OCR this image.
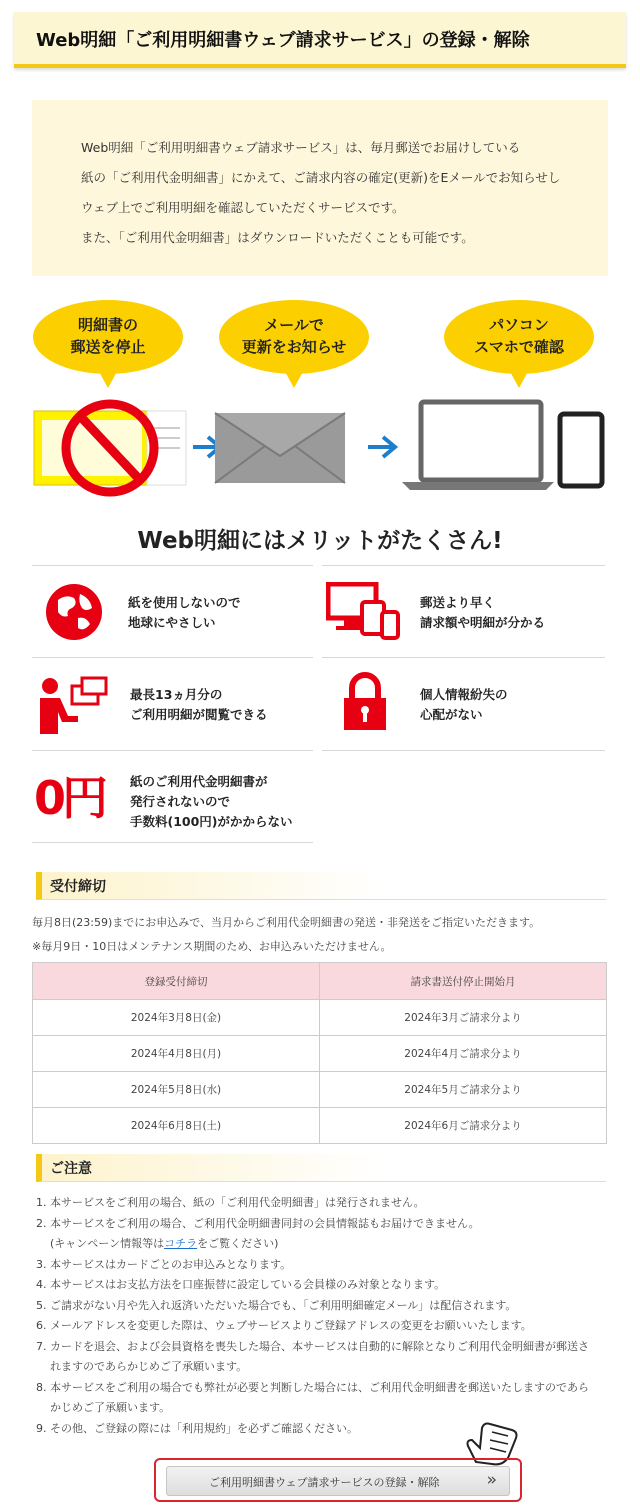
Web明細「ご利用明細書ウェブ請求サービス」の登録・解除

Web明細「ご利用明細書ウェブ請求サービス」は、毎月郵送でお届けしている

紙の「ご利用代金明細書」にかえて、ご請求内容の確定(更新)をEメールでお知らせし

ウェブ上でご利用明細を確認していただくサービスです。

また、「ご利用代金明細書」はダウンロードいただくことも可能です。

明細書の
郵送を停止
メールで
更新をお知らせ
パソコン
スマホで確認
Web明細にはメリットがたくさん!
紙を使用しないので
地球にやさしい
郵送より早く
請求額や明細が分かる
最長13ヵ月分の
ご利用明細が閲覧できる
個人情報紛失の
心配がない
0円 紙のご利用代金明細書が
発行されないので
手数料(100円)がかからない
受付締切
毎月8日(23:59)までにお申込みで、当月からご利用代金明細書の発送・非発送をご指定いただきます。
※毎月9日・10日はメンテナンス期間のため、お申込みいただけません。
登録受付締切	請求書送付停止開始月
2024年3月8日(金)	2024年3月ご請求分より
2024年4月8日(月)	2024年4月ご請求分より
2024年5月8日(水)	2024年5月ご請求分より
2024年6月8日(土)	2024年6月ご請求分より
ご注意
1. 本サービスをご利用の場合、紙の「ご利用代金明細書」は発行されません。
2. 本サービスをご利用の場合、ご利用代金明細書同封の会員情報誌もお届けできません。
(キャンペーン情報等はコチラをご覧ください)
3. 本サービスはカードごとのお申込みとなります。
4. 本サービスはお支払方法を口座振替に設定している会員様のみ対象となります。
5. ご請求がない月や先入れ返済いただいた場合でも、「ご利用明細確定メール」は配信されます。
6. メールアドレスを変更した際は、ウェブサービスよりご登録アドレスの変更をお願いいたします。
7. カードを退会、および会員資格を喪失した場合、本サービスは自動的に解除となりご利用代金明細書が郵送さ
れますのであらかじめご了承願います。
8. 本サービスをご利用の場合でも弊社が必要と判断した場合には、ご利用代金明細書を郵送いたしますのであら
かじめご了承願います。
9. その他、ご登録の際には「利用規約」を必ずご確認ください。
ご利用明細書ウェブ請求サービスの登録・解除	»
